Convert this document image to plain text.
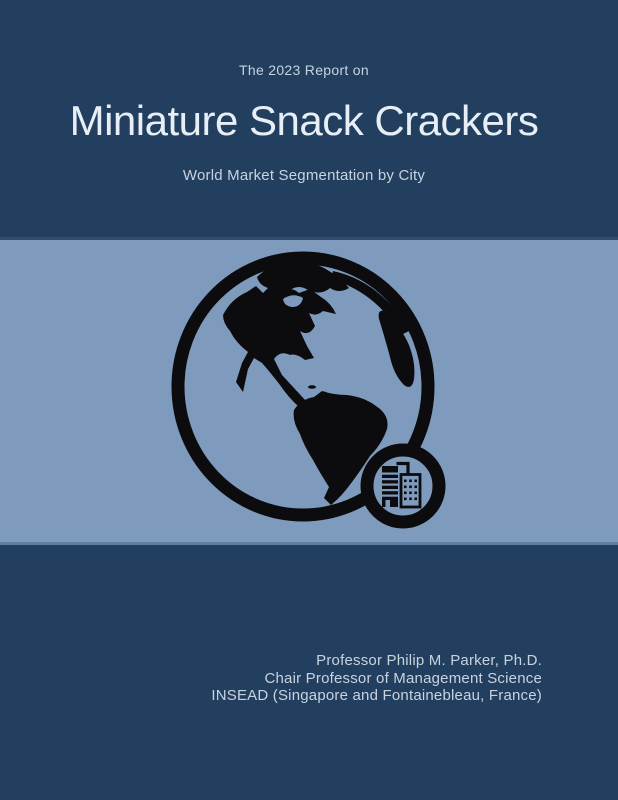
The 2023 Report on
Miniature Snack Crackers
World Market Segmentation by City
Professor Philip M. Parker, Ph.D.
Chair Professor of Management Science
INSEAD (Singapore and Fontainebleau, France)
